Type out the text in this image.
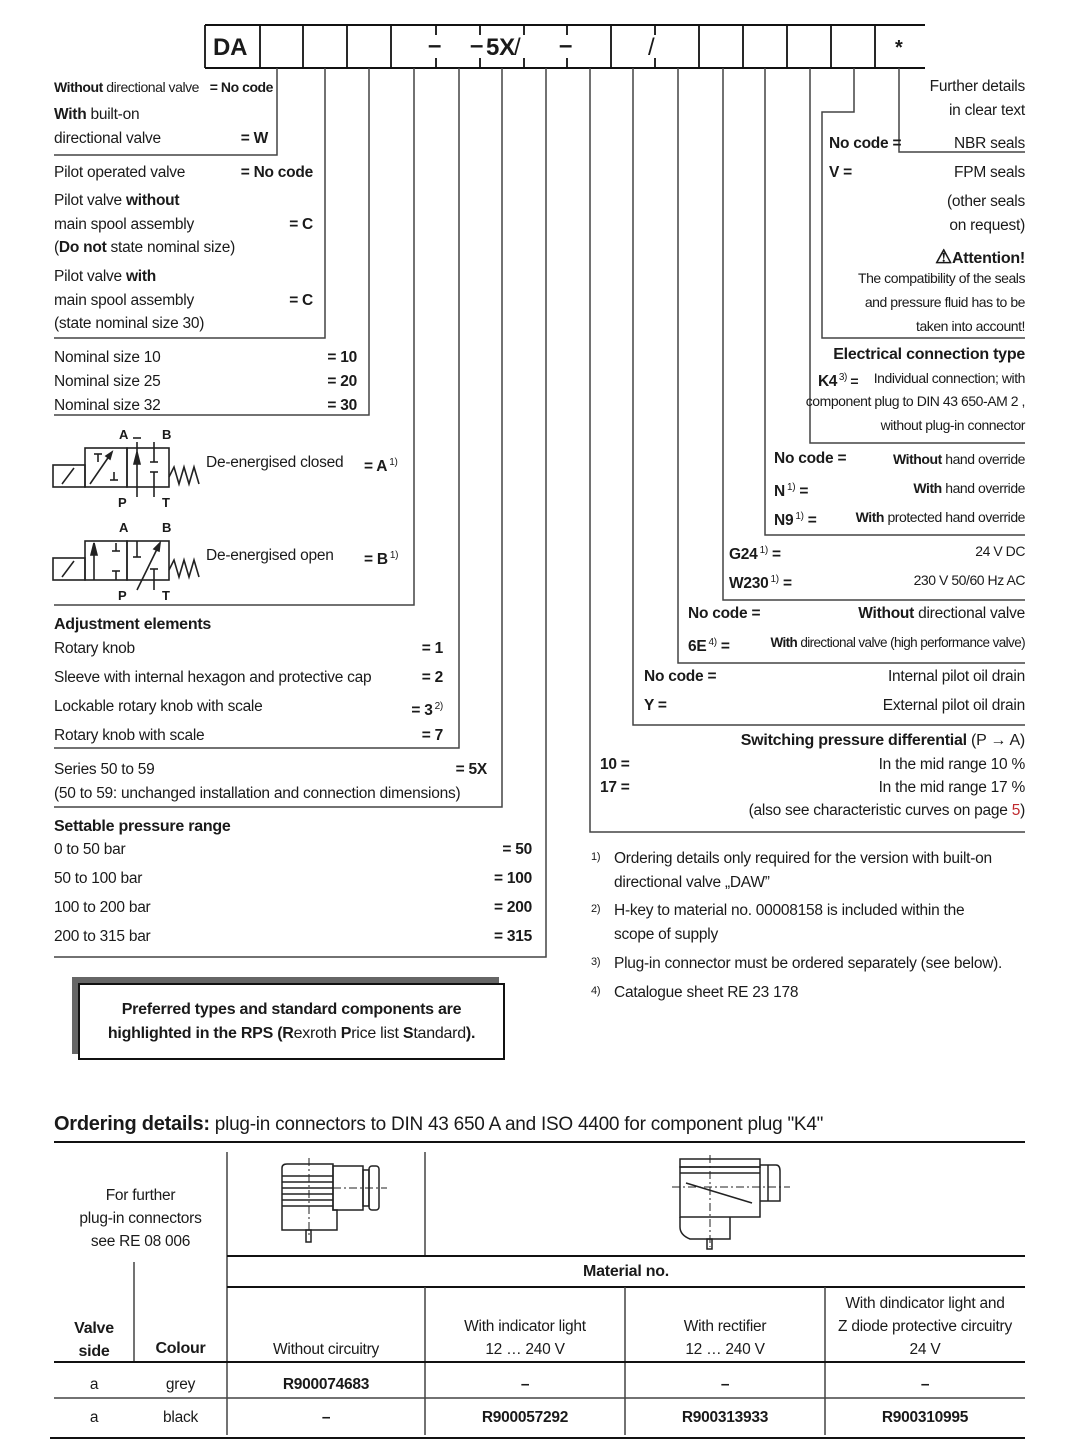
DA	– – 5X / –	/	*
Without directional valve = No code
With built-on
directional valve	= W
Pilot operated valve	= No code
Pilot valve without
main spool assembly	= C
(Do not state nominal size)
Pilot valve with
main spool assembly	= C
(state nominal size 30)
Nominal size 10	= 10
Nominal size 25	= 20
Nominal size 32	= 30
A	B
P	T
De-energised closed = A $^{1)}$
A	B
P	T
De-energised open = B $^{1)}$
Adjustment elements
Rotary knob	= 1
Sleeve with internal hexagon and protective cap	= 2
Lockable rotary knob with scale	= 3 $^{2)}$
Rotary knob with scale	= 7
Series 50 to 59	= 5X
(50 to 59: unchanged installation and connection dimensions)
Settable pressure range
0 to 50 bar	= 50
50 to 100 bar	= 100
100 to 200 bar	= 200
200 to 315 bar	= 315
Preferred types and standard components are
highlighted in the RPS (Rexroth Price list Standard).
Further details
in clear text
No code =	NBR seals
V =	FPM seals
(other seals
on request)
⚠Attention!
The compatibility of the seals
and pressure fluid has to be
taken into account!
Electrical connection type
K4 $^{3)}$ = Individual connection; with
component plug to DIN 43 650-AM 2 ,
without plug-in connector
No code =	Without hand override
N $^{1)}$ =	With hand override
N9 $^{1)}$ =	With protected hand override
G24 $^{1)}$ =	24 V DC
W230 $^{1)}$ =	230 V 50/60 Hz AC
No code =	Without directional valve
6E $^{4)}$ =	With directional valve (high performance valve)
No code =	Internal pilot oil drain
Y =	External pilot oil drain
Switching pressure differential (P → A)
10 =	In the mid range 10 %
17 =	In the mid range 17 %
(also see characteristic curves on page 5)
1) Ordering details only required for the version with built-on
directional valve „DAW”
2) H-key to material no. 00008158 is included within the
scope of supply
3) Plug-in connector must be ordered separately (see below).
4) Catalogue sheet RE 23 178
Ordering details: plug-in connectors to DIN 43 650 A and ISO 4400 for component plug "K4"
For further
plug-in connectors
see RE 08 006
Material no.
Valve
side	Colour	Without circuitry
With indicator light
12 … 240 V
With rectifier
12 … 240 V
With dindicator light and
Z diode protective circuitry
24 V
a	grey	R900074683	–	–	–
a	black	–	R900057292	R900313933	R900310995
